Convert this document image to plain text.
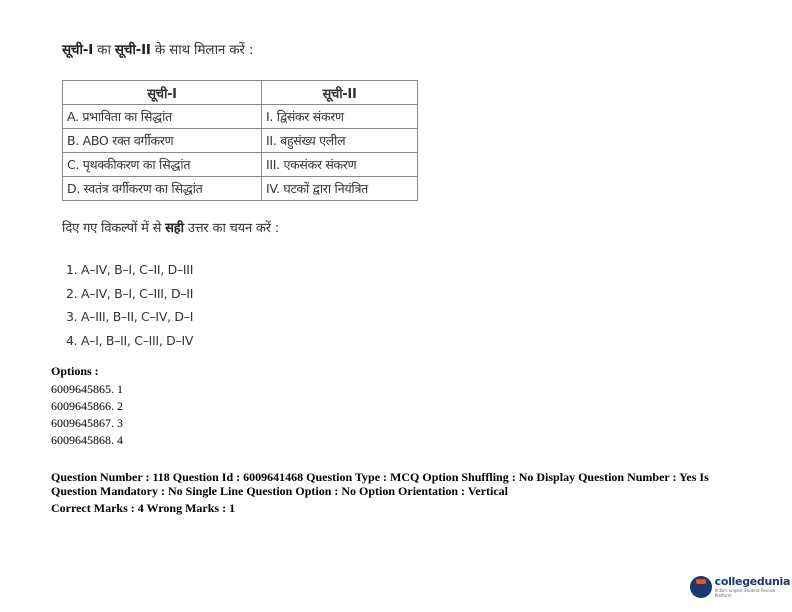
सूची-I का सूची-II के साथ मिलान करें :
सूची-I	सूची-II
A. प्रभाविता का सिद्धांत	I. द्विसंकर संकरण
B. ABO रक्त वर्गीकरण	II. बहुसंख्य एलील
C. पृथक्कीकरण का सिद्धांत	III. एकसंकर संकरण
D. स्वतंत्र वर्गीकरण का सिद्धांत	IV. घटकों द्वारा नियंत्रित
दिए गए विकल्पों में से सही उत्तर का चयन करें :
1. A–IV, B–I, C–II, D–III
2. A–IV, B–I, C–III, D–II
3. A–III, B–II, C–IV, D–I
4. A–I, B–II, C–III, D–IV
Options :
6009645865. 1
6009645866. 2
6009645867. 3
6009645868. 4
Question Number : 118 Question Id : 6009641468 Question Type : MCQ Option Shuffling : No Display Question Number : Yes Is Question Mandatory : No Single Line Question Option : No Option Orientation : Vertical
Correct Marks : 4 Wrong Marks : 1
collegedunia
India's largest Student Review Platform
